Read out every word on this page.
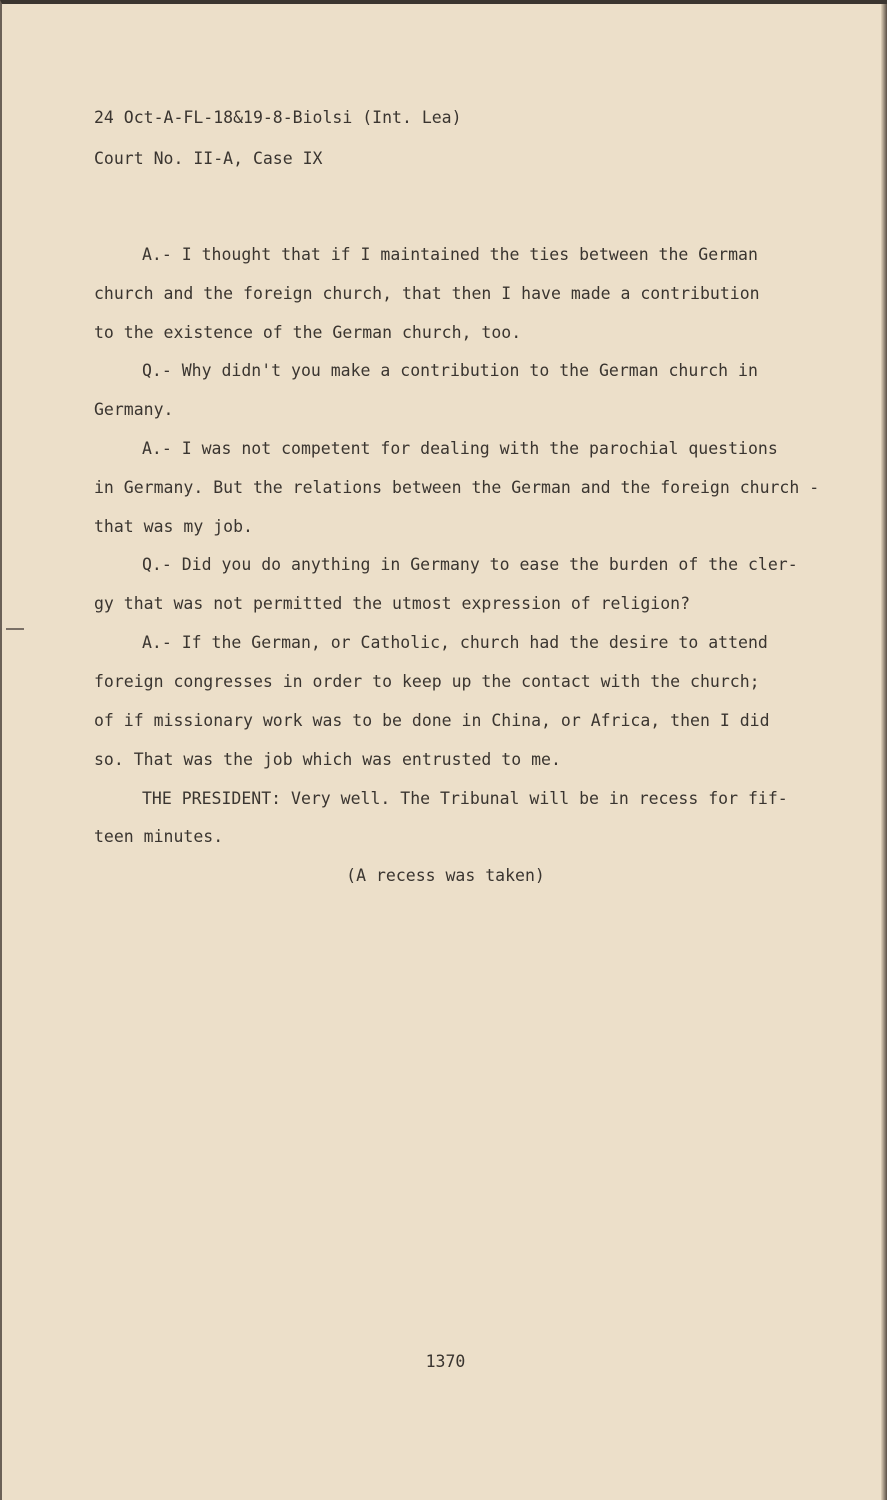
24 Oct-A-FL-18&19-8-Biolsi (Int. Lea)
Court No. II-A, Case IX
A.- I thought that if I maintained the ties between the German
church and the foreign church, that then I have made a contribution
to the existence of the German church, too.
Q.- Why didn't you make a contribution to the German church in
Germany.
A.- I was not competent for dealing with the parochial questions
in Germany. But the relations between the German and the foreign church -
that was my job.
Q.- Did you do anything in Germany to ease the burden of the cler-
gy that was not permitted the utmost expression of religion?
A.- If the German, or Catholic, church had the desire to attend
foreign congresses in order to keep up the contact with the church;
of if missionary work was to be done in China, or Africa, then I did
so. That was the job which was entrusted to me.
THE PRESIDENT: Very well. The Tribunal will be in recess for fif-
teen minutes.
(A recess was taken)
1370
